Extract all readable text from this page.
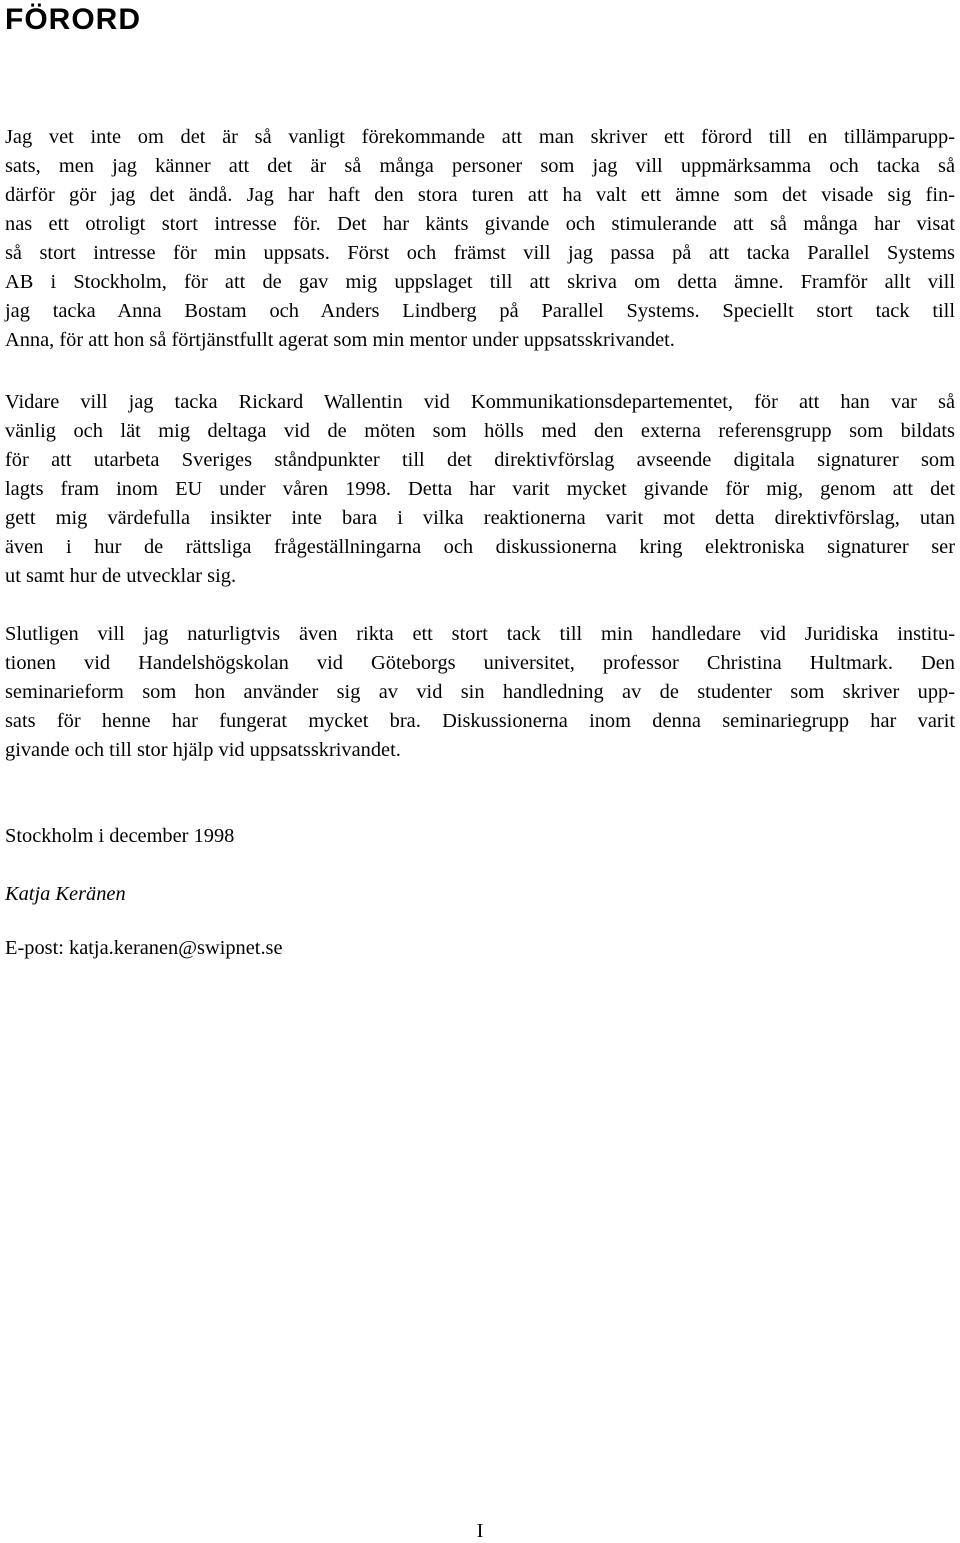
FÖRORD
Jag vet inte om det är så vanligt förekommande att man skriver ett förord till en tillämparupp-
sats, men jag känner att det är så många personer som jag vill uppmärksamma och tacka så
därför gör jag det ändå. Jag har haft den stora turen att ha valt ett ämne som det visade sig fin-
nas ett otroligt stort intresse för. Det har känts givande och stimulerande att så många har visat
så stort intresse för min uppsats. Först och främst vill jag passa på att tacka Parallel Systems
AB i Stockholm, för att de gav mig uppslaget till att skriva om detta ämne. Framför allt vill
jag tacka Anna Bostam och Anders Lindberg på Parallel Systems. Speciellt stort tack till
Anna, för att hon så förtjänstfullt agerat som min mentor under uppsatsskrivandet.
Vidare vill jag tacka Rickard Wallentin vid Kommunikationsdepartementet, för att han var så
vänlig och lät mig deltaga vid de möten som hölls med den externa referensgrupp som bildats
för att utarbeta Sveriges ståndpunkter till det direktivförslag avseende digitala signaturer som
lagts fram inom EU under våren 1998. Detta har varit mycket givande för mig, genom att det
gett mig värdefulla insikter inte bara i vilka reaktionerna varit mot detta direktivförslag, utan
även i hur de rättsliga frågeställningarna och diskussionerna kring elektroniska signaturer ser
ut samt hur de utvecklar sig.
Slutligen vill jag naturligtvis även rikta ett stort tack till min handledare vid Juridiska institu-
tionen vid Handelshögskolan vid Göteborgs universitet, professor Christina Hultmark. Den
seminarieform som hon använder sig av vid sin handledning av de studenter som skriver upp-
sats för henne har fungerat mycket bra. Diskussionerna inom denna seminariegrupp har varit
givande och till stor hjälp vid uppsatsskrivandet.

Stockholm i december 1998

Katja Keränen

E-post: katja.keranen@swipnet.se

I
